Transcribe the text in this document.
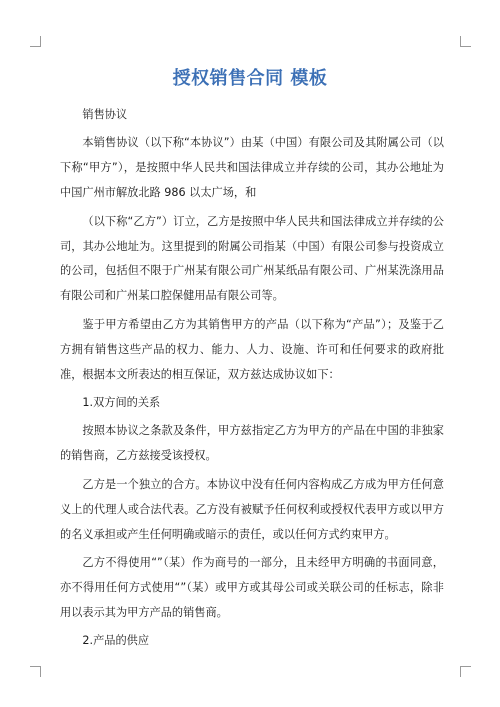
授权销售合同 模板

销售协议

本销售协议（以下称“本协议”）由某（中国）有限公司及其附属公司（以下称“甲方”），是按照中华人民共和国法律成立并存续的公司，其办公地址为中国广州市解放北路 986 以太广场，和

（以下称“乙方”）订立，乙方是按照中华人民共和国法律成立并存续的公司，其办公地址为。这里提到的附属公司指某（中国）有限公司参与投资成立的公司，包括但不限于广州某有限公司广州某纸品有限公司、广州某洗涤用品有限公司和广州某口腔保健用品有限公司等。

鉴于甲方希望由乙方为其销售甲方的产品（以下称为“产品”）；及鉴于乙方拥有销售这些产品的权力、能力、人力、设施、许可和任何要求的政府批准，根据本文所表达的相互保证，双方兹达成协议如下：

1.双方间的关系

按照本协议之条款及条件，甲方兹指定乙方为甲方的产品在中国的非独家的销售商，乙方兹接受该授权。

乙方是一个独立的合方。本协议中没有任何内容构成乙方成为甲方任何意义上的代理人或合法代表。乙方没有被赋予任何权利或授权代表甲方或以甲方的名义承担或产生任何明确或暗示的责任，或以任何方式约束甲方。

乙方不得使用“”（某）作为商号的一部分，且未经甲方明确的书面同意，亦不得用任何方式使用“”（某）或甲方或其母公司或关联公司的任标志，除非用以表示其为甲方产品的销售商。

2.产品的供应
